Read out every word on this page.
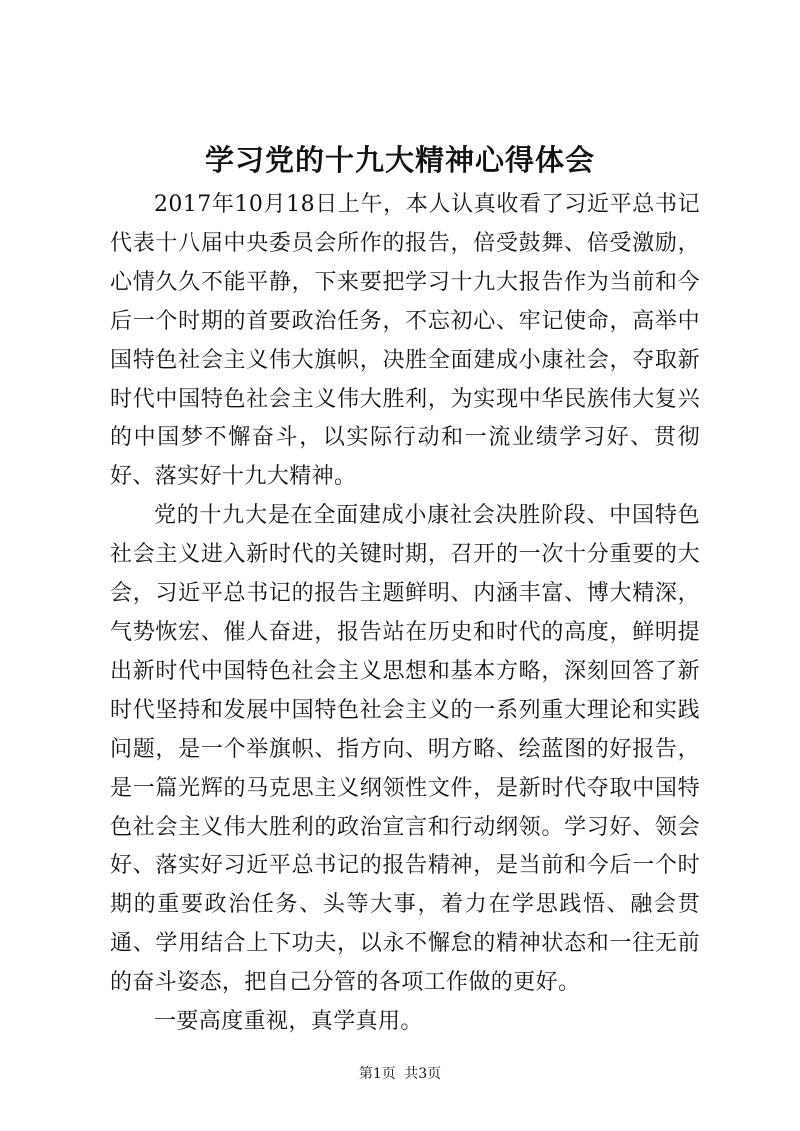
学习党的十九大精神心得体会

2017年10月18日上午，本人认真收看了习近平总书记代表十八届中央委员会所作的报告，倍受鼓舞、倍受激励，心情久久不能平静，下来要把学习十九大报告作为当前和今后一个时期的首要政治任务，不忘初心、牢记使命，高举中国特色社会主义伟大旗帜，决胜全面建成小康社会，夺取新时代中国特色社会主义伟大胜利，为实现中华民族伟大复兴的中国梦不懈奋斗，以实际行动和一流业绩学习好、贯彻好、落实好十九大精神。

党的十九大是在全面建成小康社会决胜阶段、中国特色社会主义进入新时代的关键时期，召开的一次十分重要的大会，习近平总书记的报告主题鲜明、内涵丰富、博大精深，气势恢宏、催人奋进，报告站在历史和时代的高度，鲜明提出新时代中国特色社会主义思想和基本方略，深刻回答了新时代坚持和发展中国特色社会主义的一系列重大理论和实践问题，是一个举旗帜、指方向、明方略、绘蓝图的好报告，是一篇光辉的马克思主义纲领性文件，是新时代夺取中国特色社会主义伟大胜利的政治宣言和行动纲领。学习好、领会好、落实好习近平总书记的报告精神，是当前和今后一个时期的重要政治任务、头等大事，着力在学思践悟、融会贯通、学用结合上下功夫，以永不懈怠的精神状态和一往无前的奋斗姿态，把自己分管的各项工作做的更好。

一要高度重视，真学真用。

第1页 共3页
